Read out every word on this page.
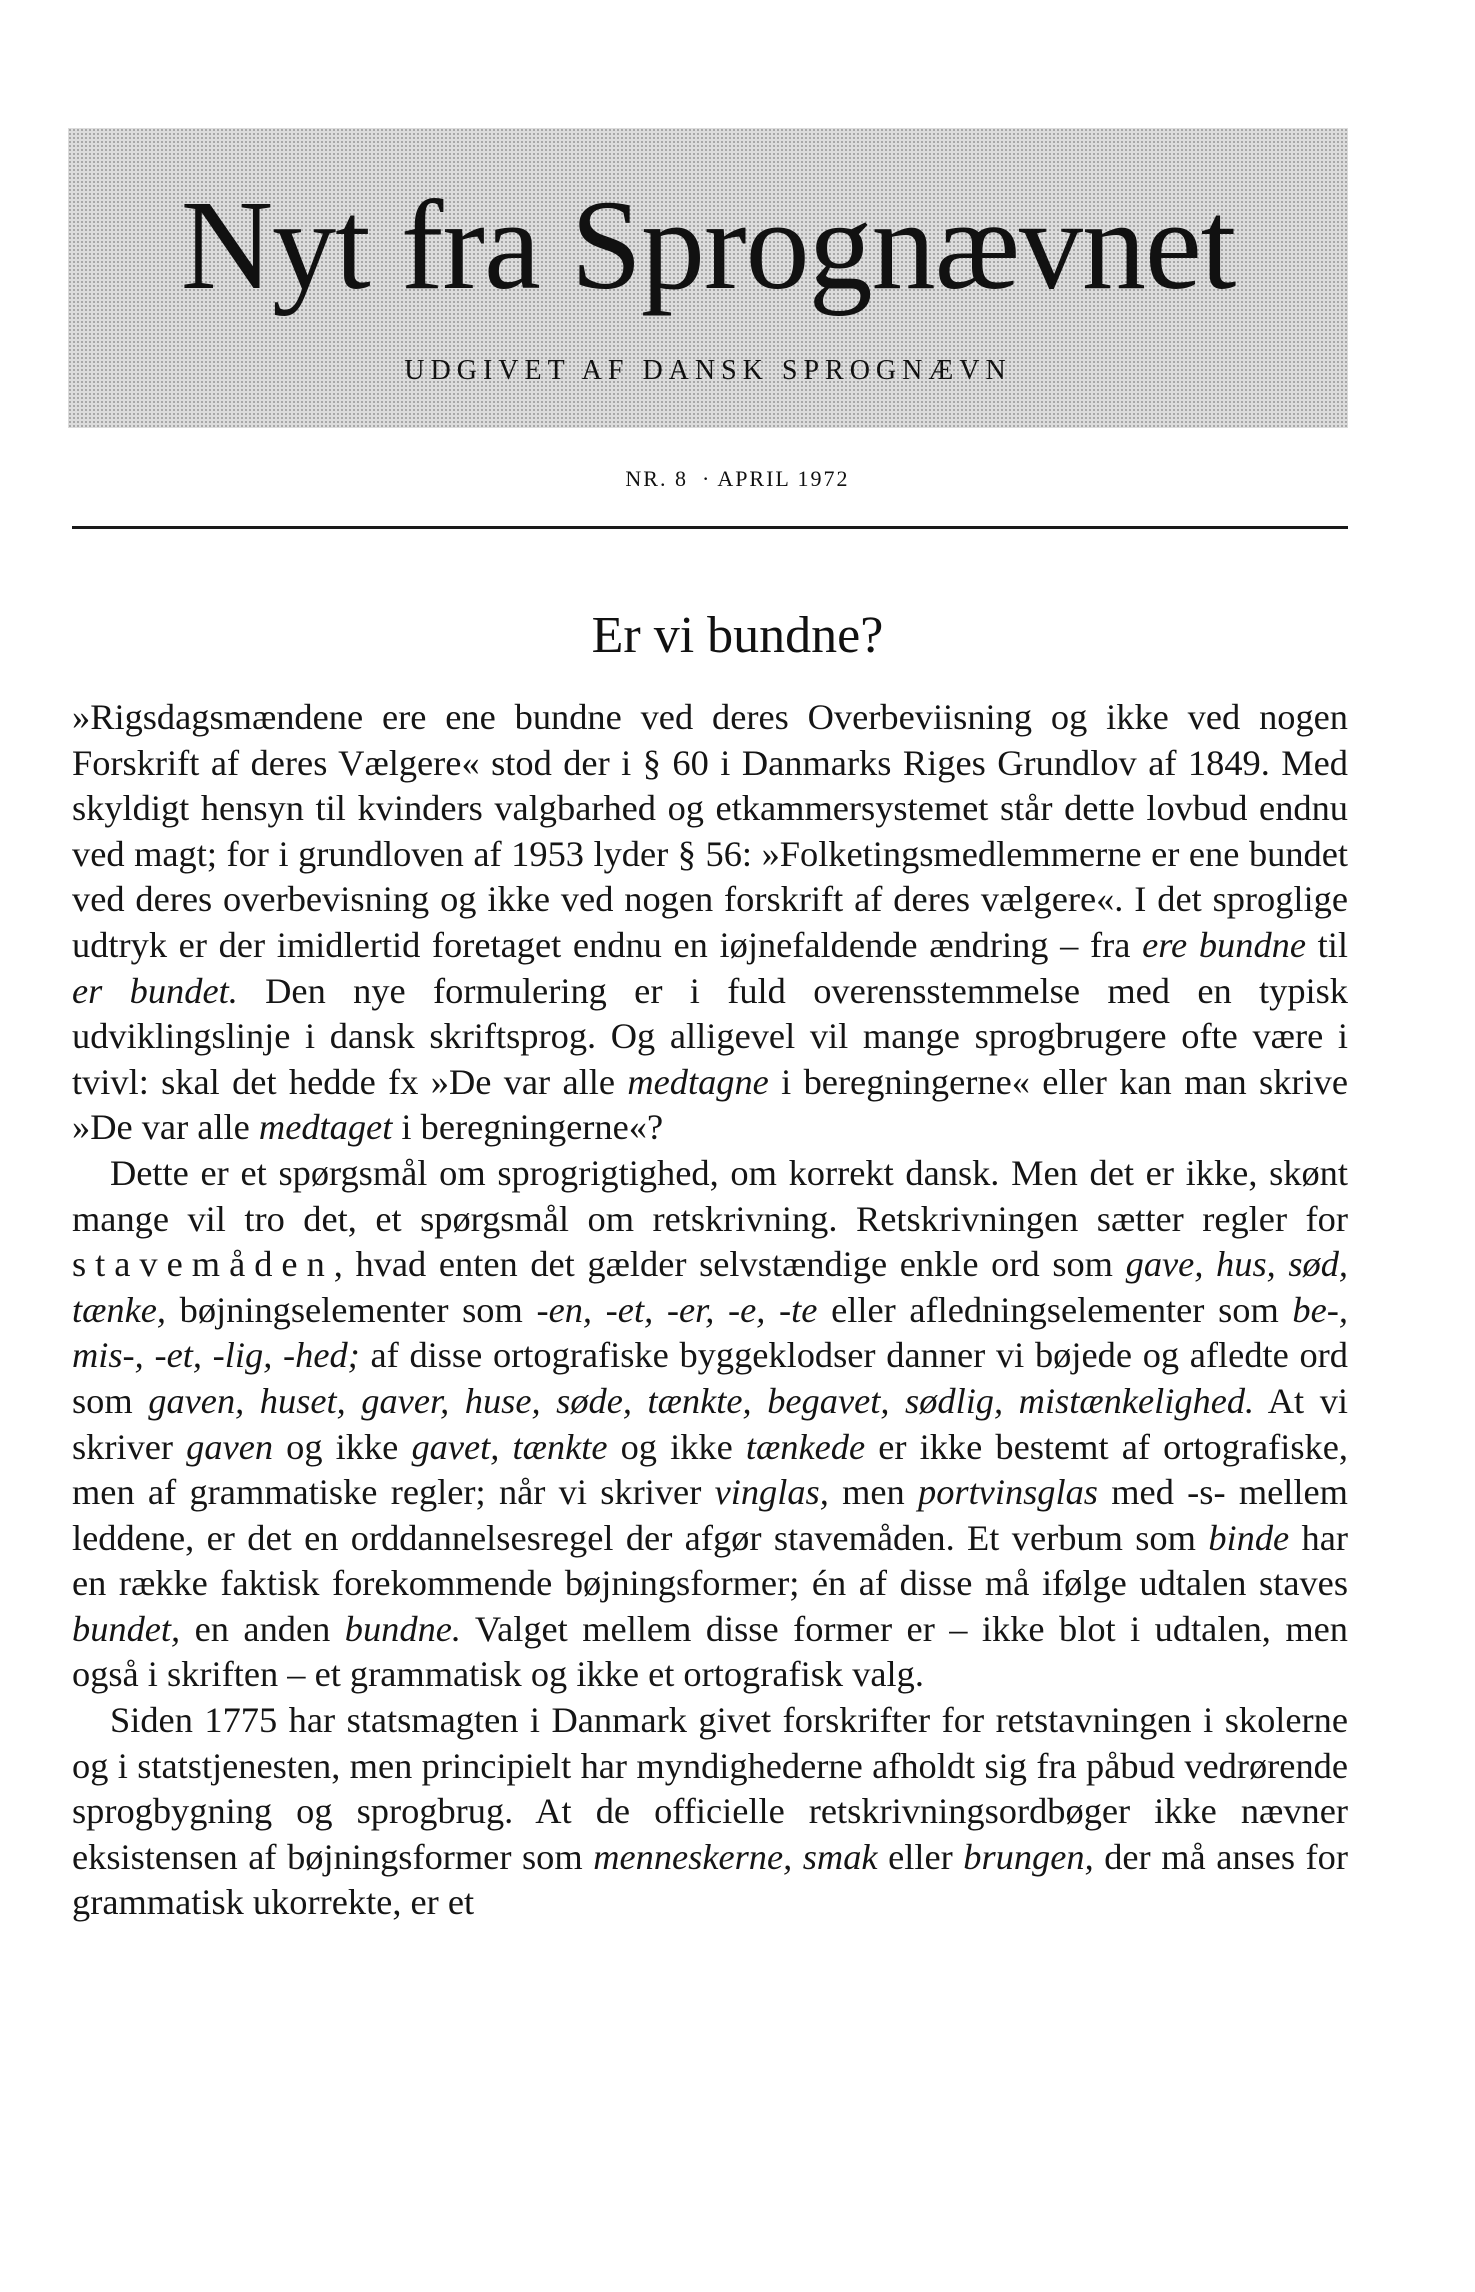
Nyt fra Sprognævnet
UDGIVET AF DANSK SPROGNÆVN
NR. 8 · APRIL 1972
Er vi bundne?

»Rigsdagsmændene ere ene bundne ved deres Overbeviisning og ikke ved nogen Forskrift af deres Vælgere« stod der i § 60 i Danmarks Riges Grundlov af 1849. Med skyldigt hensyn til kvinders valgbarhed og etkammersystemet står dette lovbud endnu ved magt; for i grundloven af 1953 lyder § 56: »Folketingsmedlemmerne er ene bundet ved deres overbevisning og ikke ved nogen forskrift af deres vælgere«. I det sproglige udtryk er der imidlertid foretaget endnu en iøjnefaldende ændring – fra ere bundne til er bundet. Den nye formulering er i fuld overensstemmelse med en typisk udviklingslinje i dansk skriftsprog. Og alligevel vil mange sprogbrugere ofte være i tvivl: skal det hedde fx »De var alle medtagne i beregningerne« eller kan man skrive »De var alle medtaget i beregningerne«?

Dette er et spørgsmål om sprogrigtighed, om korrekt dansk. Men det er ikke, skønt mange vil tro det, et spørgsmål om retskrivning. Retskrivningen sætter regler for stavemåden, hvad enten det gælder selvstændige enkle ord som gave, hus, sød, tænke, bøjningselementer som -en, -et, -er, -e, -te eller afledningselementer som be-, mis-, -et, -lig, -hed; af disse ortografiske byggeklodser danner vi bøjede og afledte ord som gaven, huset, gaver, huse, søde, tænkte, begavet, sødlig, mistænkelighed. At vi skriver gaven og ikke gavet, tænkte og ikke tænkede er ikke bestemt af ortografiske, men af grammatiske regler; når vi skriver vinglas, men portvinsglas med -s- mellem leddene, er det en orddannelsesregel der afgør stavemåden. Et verbum som binde har en række faktisk forekommende bøjningsformer; én af disse må ifølge udtalen staves bundet, en anden bundne. Valget mellem disse former er – ikke blot i udtalen, men også i skriften – et grammatisk og ikke et ortografisk valg.

Siden 1775 har statsmagten i Danmark givet forskrifter for retstavningen i skolerne og i statstjenesten, men principielt har myndighederne afholdt sig fra påbud vedrørende sprogbygning og sprogbrug. At de officielle retskrivningsordbøger ikke nævner eksistensen af bøjningsformer som menneskerne, smak eller brungen, der må anses for grammatisk ukorrekte, er et
